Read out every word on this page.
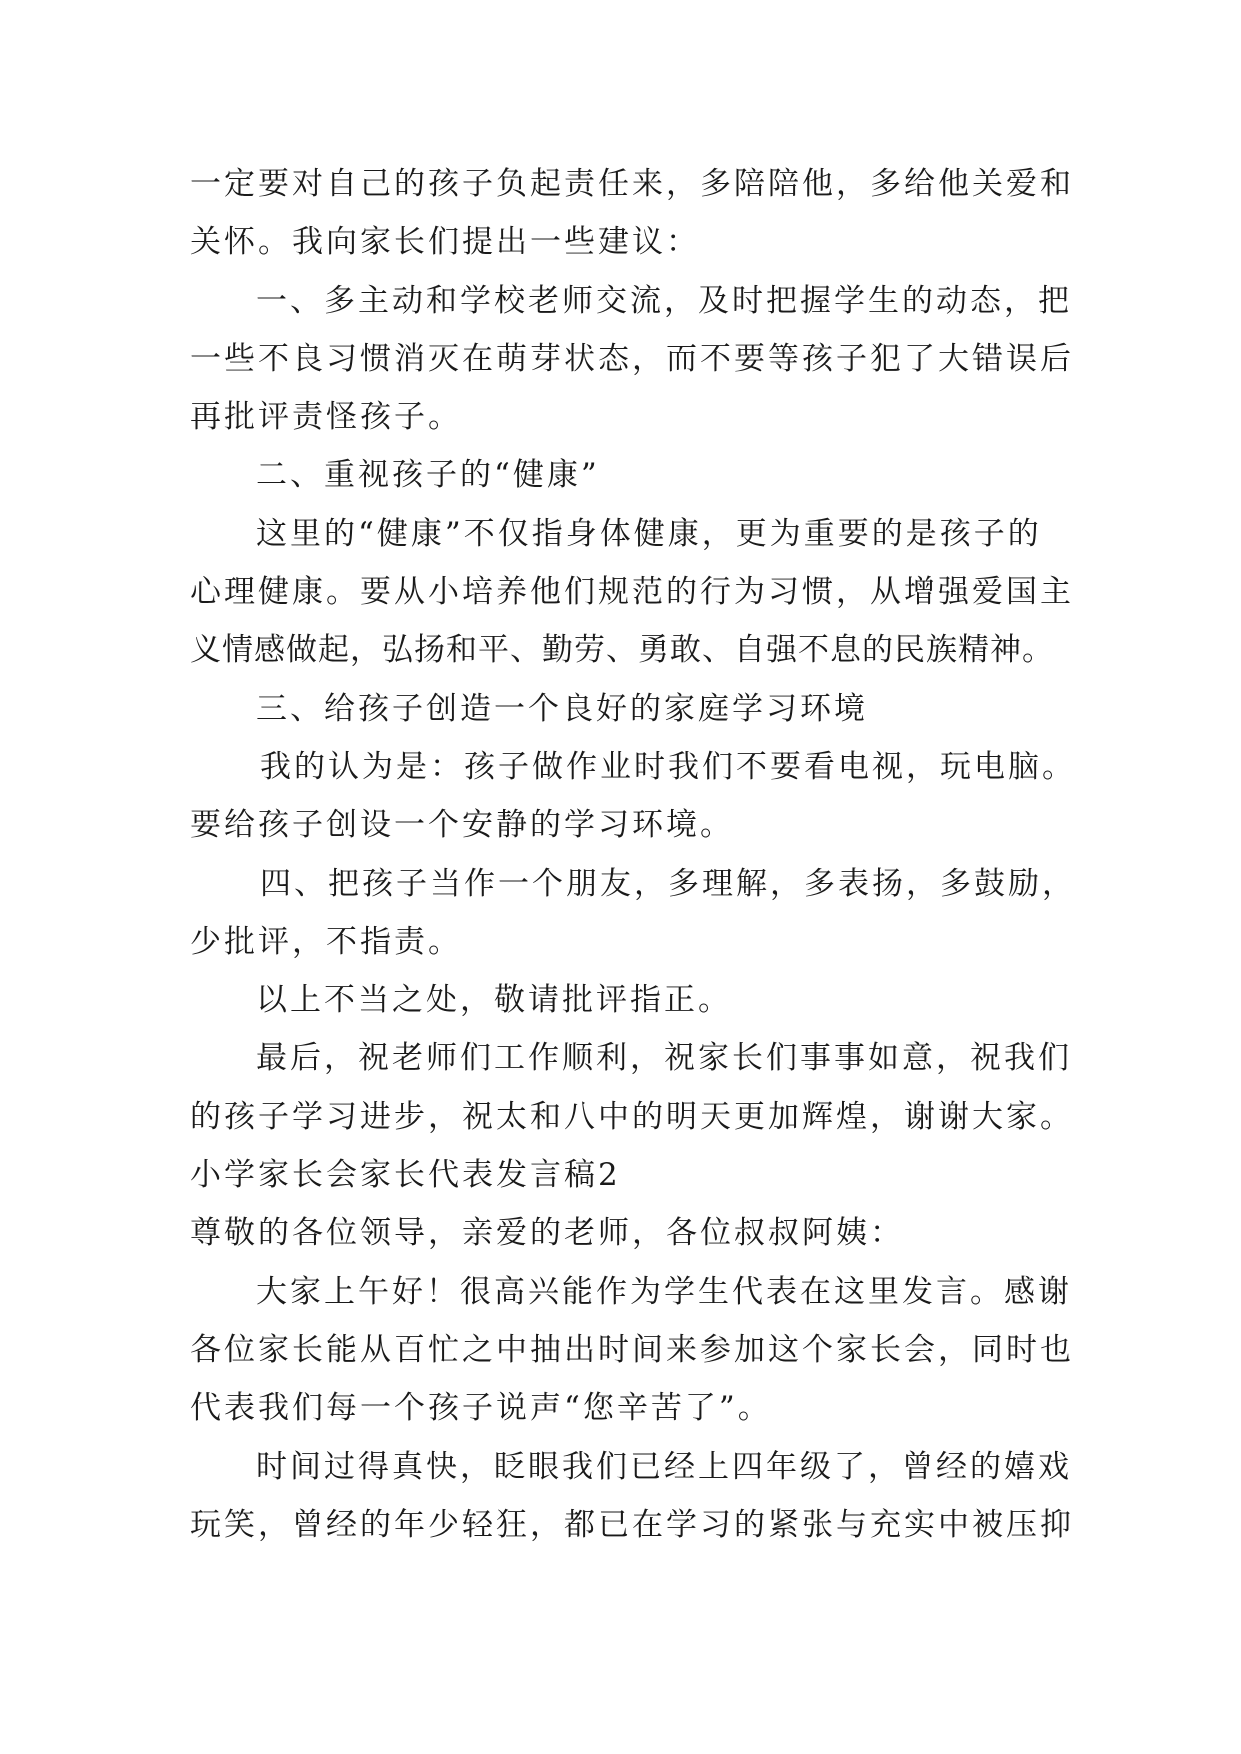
一定要对自己的孩子负起责任来，多陪陪他，多给他关爱和
关怀。我向家长们提出一些建议：
一、多主动和学校老师交流，及时把握学生的动态，把
一些不良习惯消灭在萌芽状态，而不要等孩子犯了大错误后
再批评责怪孩子。
二、重视孩子的“健康”
这里的“健康”不仅指身体健康，更为重要的是孩子的
心理健康。要从小培养他们规范的行为习惯，从增强爱国主
义情感做起，弘扬和平、勤劳、勇敢、自强不息的民族精神。
三、给孩子创造一个良好的家庭学习环境
我的认为是：孩子做作业时我们不要看电视，玩电脑。
要给孩子创设一个安静的学习环境。
四、把孩子当作一个朋友，多理解，多表扬，多鼓励，
少批评，不指责。
以上不当之处，敬请批评指正。
最后，祝老师们工作顺利，祝家长们事事如意，祝我们
的孩子学习进步，祝太和八中的明天更加辉煌，谢谢大家。
小学家长会家长代表发言稿2
尊敬的各位领导，亲爱的老师，各位叔叔阿姨：
大家上午好！很高兴能作为学生代表在这里发言。感谢
各位家长能从百忙之中抽出时间来参加这个家长会，同时也
代表我们每一个孩子说声“您辛苦了”。
时间过得真快，眨眼我们已经上四年级了，曾经的嬉戏
玩笑，曾经的年少轻狂，都已在学习的紧张与充实中被压抑
